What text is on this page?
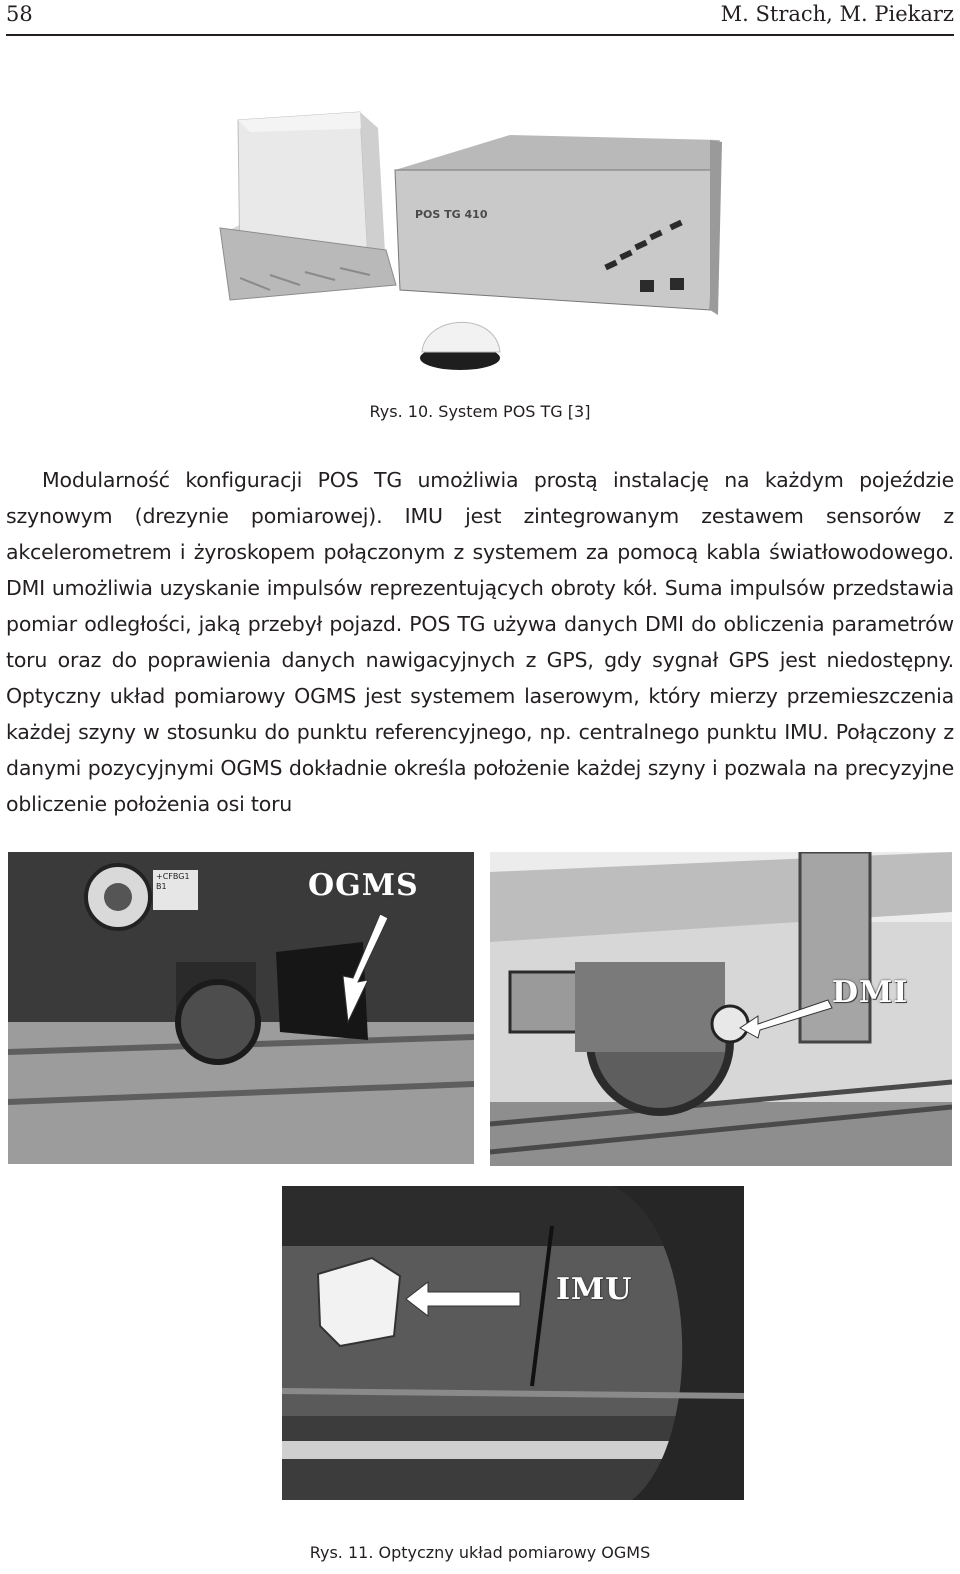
58	M. Strach, M. Piekarz
POS TG 410
Rys. 10. System POS TG [3]

Modularność konfiguracji POS TG umożliwia prostą instalację na każdym pojeździe szynowym (drezynie pomiarowej). IMU jest zintegrowanym zestawem sensorów z akcelerometrem i żyroskopem połączonym z systemem za pomocą kabla światłowodowego. DMI umożliwia uzyskanie impulsów reprezentujących obroty kół. Suma impulsów przedstawia pomiar odległości, jaką przebył pojazd. POS TG używa danych DMI do obliczenia parametrów toru oraz do poprawienia danych nawigacyjnych z GPS, gdy sygnał GPS jest niedostępny. Optyczny układ pomiarowy OGMS jest systemem laserowym, który mierzy przemieszczenia każdej szyny w stosunku do punktu referencyjnego, np. centralnego punktu IMU. Połączony z danymi pozycyjnymi OGMS dokładnie określa położenie każdej szyny i pozwala na precyzyjne obliczenie położenia osi toru

+CFBG1
B1	OGMS
DMI
IMU
Rys. 11. Optyczny układ pomiarowy OGMS
